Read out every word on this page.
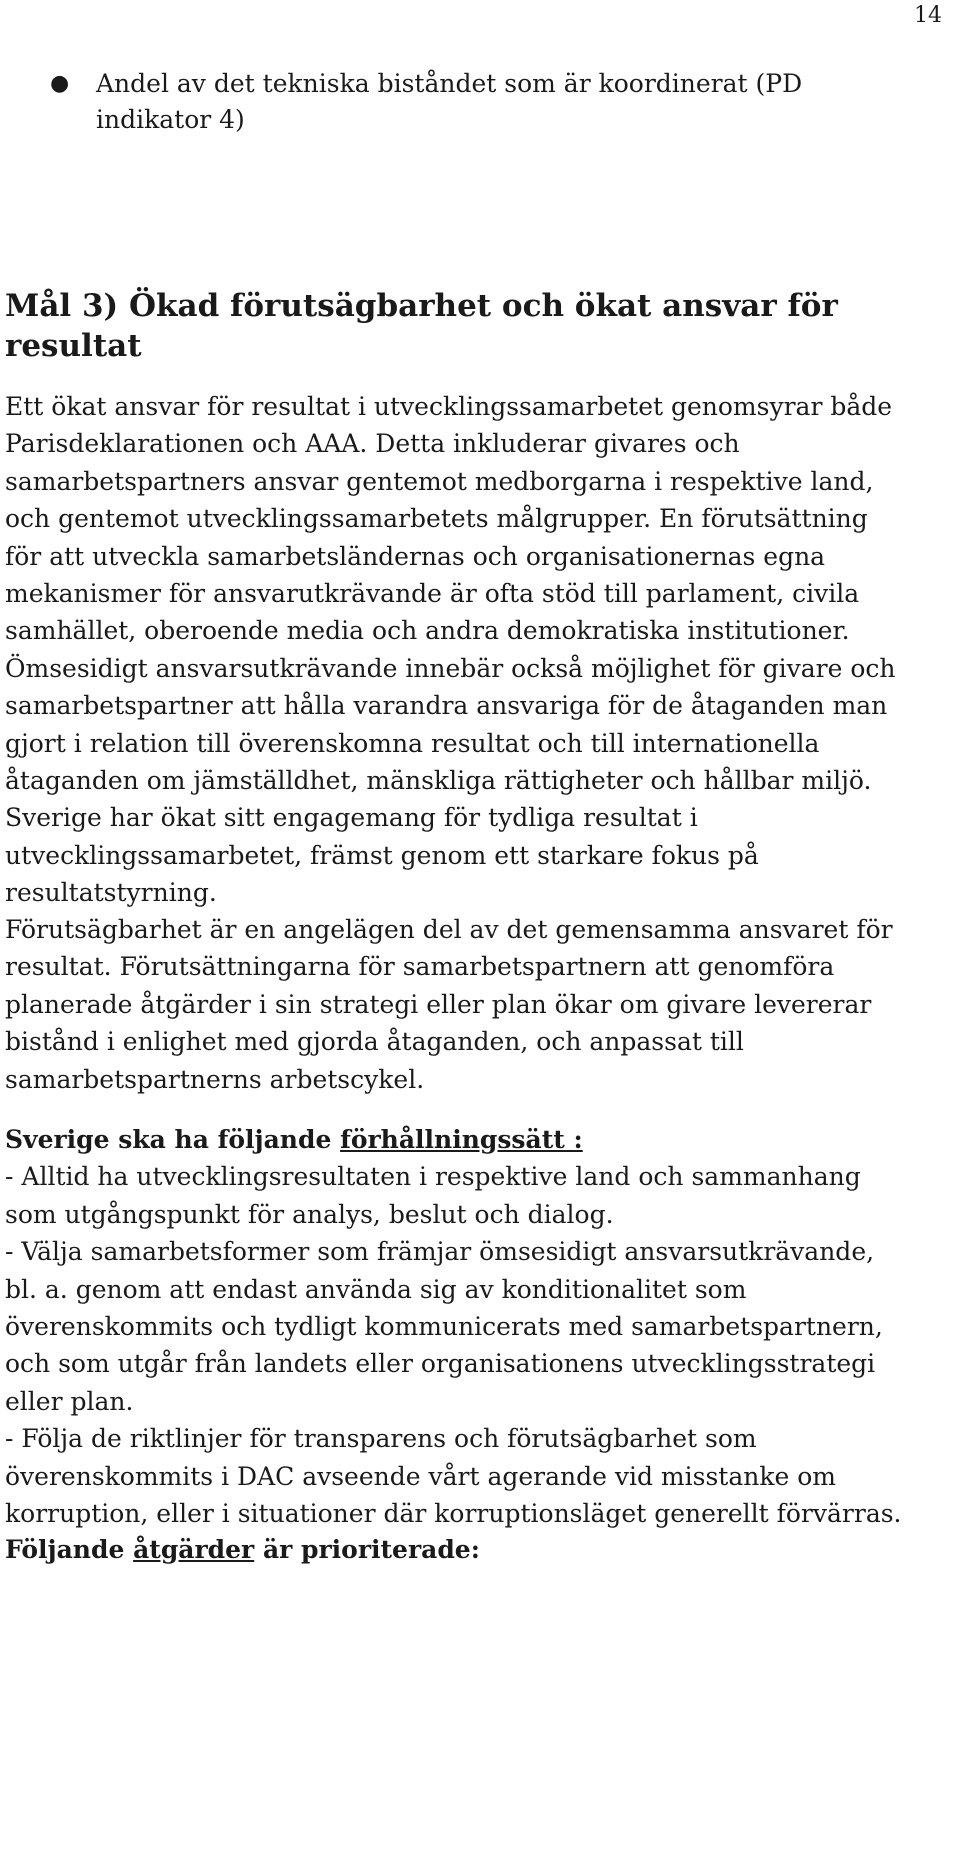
14
●	Andel av det tekniska biståndet som är koordinerat (PD
indikator 4)
Mål 3) Ökad förutsägbarhet och ökat ansvar för
resultat

Ett ökat ansvar för resultat i utvecklingssamarbetet genomsyrar både
Parisdeklarationen och AAA. Detta inkluderar givares och
samarbetspartners ansvar gentemot medborgarna i respektive land,
och gentemot utvecklingssamarbetets målgrupper. En förutsättning
för att utveckla samarbetsländernas och organisationernas egna
mekanismer för ansvarutkrävande är ofta stöd till parlament, civila
samhället, oberoende media och andra demokratiska institutioner.
Ömsesidigt ansvarsutkrävande innebär också möjlighet för givare och
samarbetspartner att hålla varandra ansvariga för de åtaganden man
gjort i relation till överenskomna resultat och till internationella
åtaganden om jämställdhet, mänskliga rättigheter och hållbar miljö.
Sverige har ökat sitt engagemang för tydliga resultat i
utvecklingssamarbetet, främst genom ett starkare fokus på
resultatstyrning.

Förutsägbarhet är en angelägen del av det gemensamma ansvaret för
resultat. Förutsättningarna för samarbetspartnern att genomföra
planerade åtgärder i sin strategi eller plan ökar om givare levererar
bistånd i enlighet med gjorda åtaganden, och anpassat till
samarbetspartnerns arbetscykel.

Sverige ska ha följande förhållningssätt :
- Alltid ha utvecklingsresultaten i respektive land och sammanhang
som utgångspunkt för analys, beslut och dialog.
- Välja samarbetsformer som främjar ömsesidigt ansvarsutkrävande,
bl. a. genom att endast använda sig av konditionalitet som
överenskommits och tydligt kommunicerats med samarbetspartnern,
och som utgår från landets eller organisationens utvecklingsstrategi
eller plan.
- Följa de riktlinjer för transparens och förutsägbarhet som
överenskommits i DAC avseende vårt agerande vid misstanke om
korruption, eller i situationer där korruptionsläget generellt förvärras.

Följande åtgärder är prioriterade:
